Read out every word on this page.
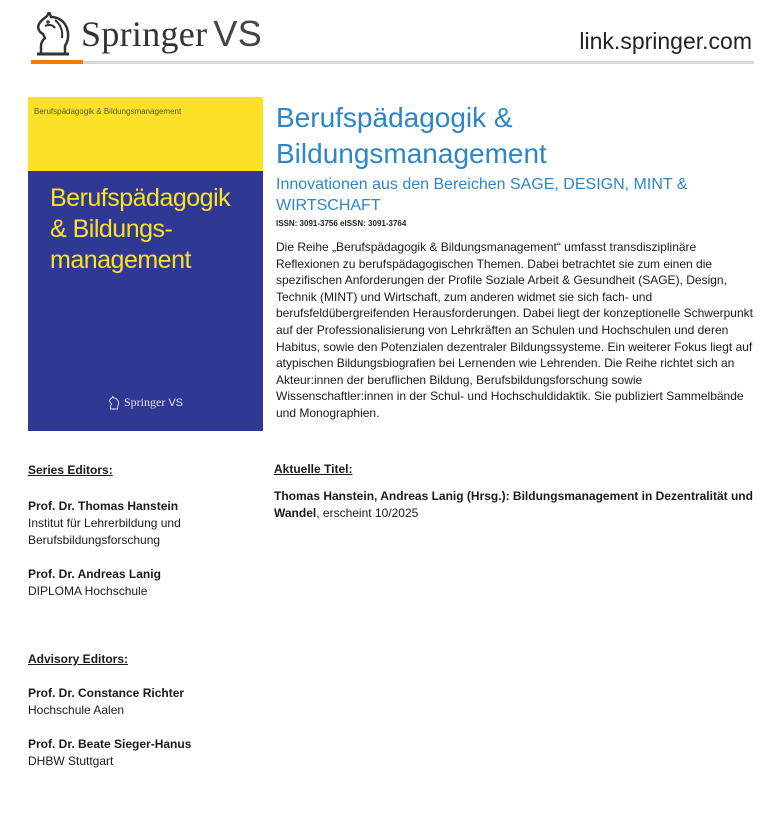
Springer VS	link.springer.com
Berufspädagogik & Bildungsmanagement
Berufspädagogik
& Bildungs-
management
Springer VS
Berufspädagogik &
Bildungsmanagement
Innovationen aus den Bereichen SAGE, DESIGN, MINT & WIRTSCHAFT
ISSN: 3091-3756 eISSN: 3091-3764
Die Reihe „Berufspädagogik & Bildungsmanagement“ umfasst transdisziplinäre Reflexionen zu berufspädagogischen Themen. Dabei betrachtet sie zum einen die spezifischen Anforderungen der Profile Soziale Arbeit & Gesundheit (SAGE), Design, Technik (MINT) und Wirtschaft, zum anderen widmet sie sich fach- und berufsfeldübergreifenden Herausforderungen. Dabei liegt der konzeptionelle Schwerpunkt auf der Professionalisierung von Lehrkräften an Schulen und Hochschulen und deren Habitus, sowie den Potenzialen dezentraler Bildungssysteme. Ein weiterer Fokus liegt auf atypischen Bildungsbiografien bei Lernenden wie Lehrenden. Die Reihe richtet sich an Akteur:innen der beruflichen Bildung, Berufsbildungsforschung sowie Wissenschaftler:innen in der Schul- und Hochschuldidaktik. Sie publiziert Sammelbände und Monographien.
Aktuelle Titel:
Thomas Hanstein, Andreas Lanig (Hrsg.): Bildungsmanagement in Dezentralität und Wandel, erscheint 10/2025
Series Editors:
Prof. Dr. Thomas Hanstein
Institut für Lehrerbildung und
Berufsbildungsforschung
Prof. Dr. Andreas Lanig
DIPLOMA Hochschule
Advisory Editors:
Prof. Dr. Constance Richter
Hochschule Aalen
Prof. Dr. Beate Sieger-Hanus
DHBW Stuttgart
